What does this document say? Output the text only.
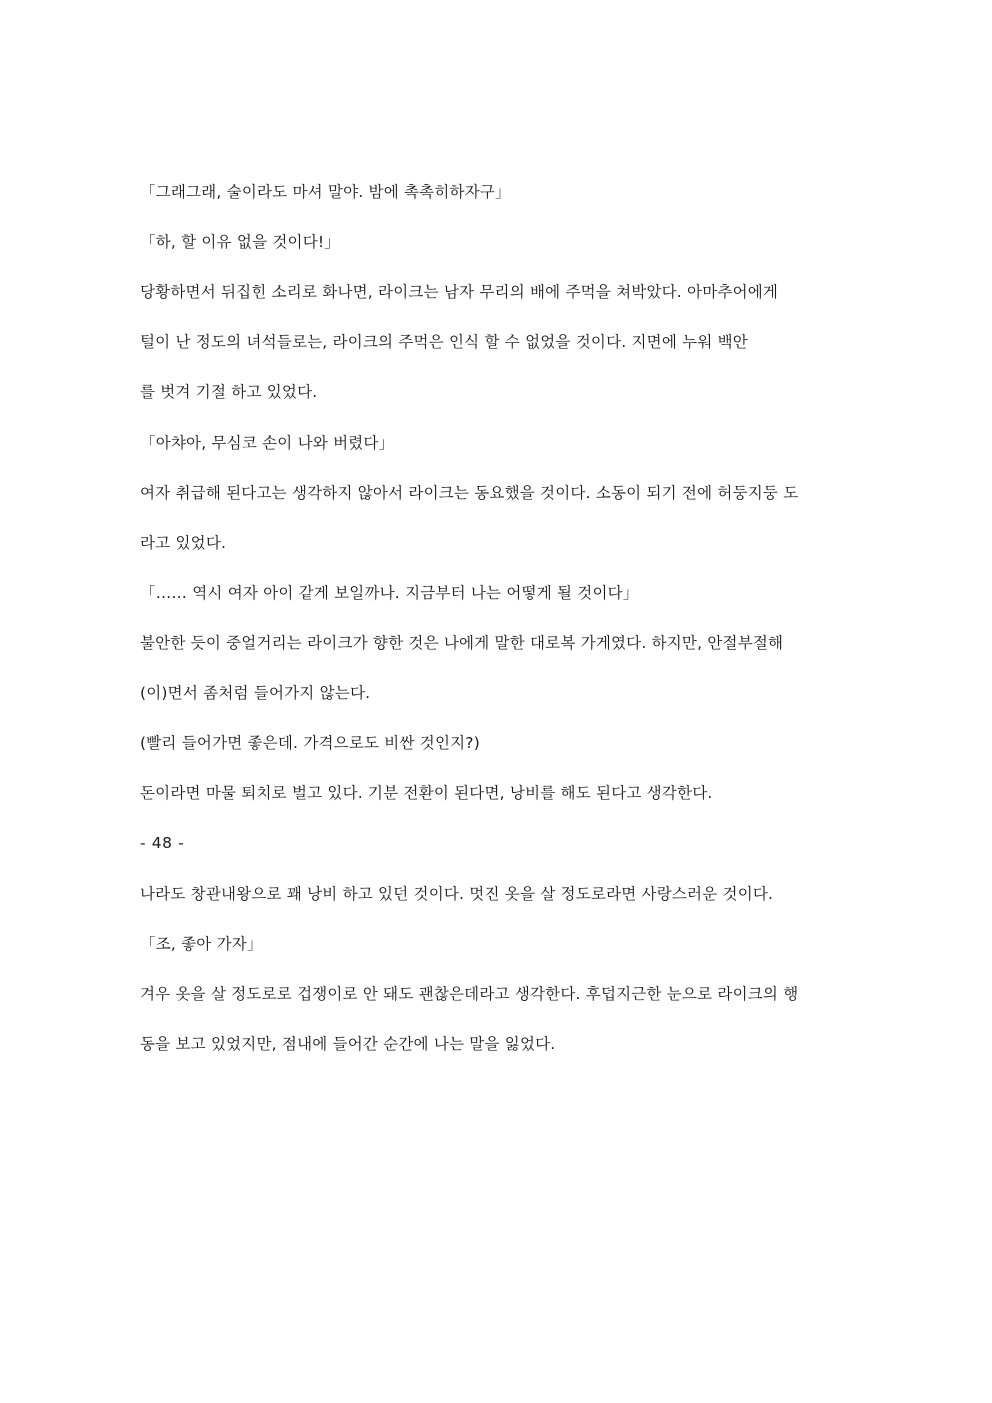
「그래그래, 술이라도 마셔 말야. 밤에 촉촉히하자구」

「하, 할 이유 없을 것이다!」

당황하면서 뒤집힌 소리로 화나면, 라이크는 남자 무리의 배에 주먹을 쳐박았다. 아마추어에게

털이 난 정도의 녀석들로는, 라이크의 주먹은 인식 할 수 없었을 것이다. 지면에 누워 백안

를 벗겨 기절 하고 있었다.

「아챠아, 무심코 손이 나와 버렸다」

여자 취급해 된다고는 생각하지 않아서 라이크는 동요했을 것이다. 소동이 되기 전에 허둥지둥 도

라고 있었다.

「…… 역시 여자 아이 같게 보일까나. 지금부터 나는 어떻게 될 것이다」

불안한 듯이 중얼거리는 라이크가 향한 것은 나에게 말한 대로복 가게였다. 하지만, 안절부절해

(이)면서 좀처럼 들어가지 않는다.

(빨리 들어가면 좋은데. 가격으로도 비싼 것인지?)

돈이라면 마물 퇴치로 벌고 있다. 기분 전환이 된다면, 낭비를 해도 된다고 생각한다.

- 48 -

나라도 창관내왕으로 꽤 낭비 하고 있던 것이다. 멋진 옷을 살 정도로라면 사랑스러운 것이다.

「조, 좋아 가자」

겨우 옷을 살 정도로로 겁쟁이로 안 돼도 괜찮은데라고 생각한다. 후덥지근한 눈으로 라이크의 행

동을 보고 있었지만, 점내에 들어간 순간에 나는 말을 잃었다.
